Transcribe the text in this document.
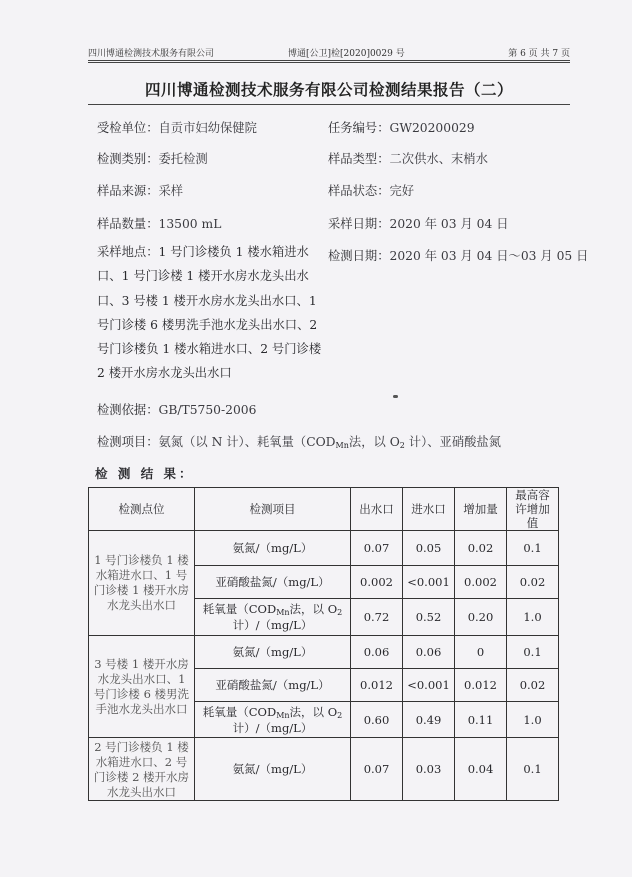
四川博通检测技术服务有限公司	博通[公卫]检[2020]0029 号	第 6 页 共 7 页
四川博通检测技术服务有限公司检测结果报告（二）
受检单位：自贡市妇幼保健院	任务编号：GW20200029
检测类别：委托检测	样品类型：二次供水、末梢水
样品来源：采样	样品状态：完好
样品数量：13500 mL	采样日期：2020 年 03 月 04 日
采样地点：1 号门诊楼负 1 楼水箱进水口、1 号门诊楼 1 楼开水房水龙头出水口、3 号楼 1 楼开水房水龙头出水口、1 号门诊楼 6 楼男洗手池水龙头出水口、2 号门诊楼负 1 楼水箱进水口、2 号门诊楼 2 楼开水房水龙头出水口
检测日期：2020 年 03 月 04 日～03 月 05 日
检测依据：GB/T5750-2006
检测项目：氨氮（以 N 计）、耗氧量（$COD_{Mn}$法，以 $O_2$ 计）、亚硝酸盐氮
检 测 结 果：
检测点位	检测项目	出水口	进水口	增加量	最高容许增加值
1 号门诊楼负 1 楼水箱进水口、1 号门诊楼 1 楼开水房水龙头出水口	氨氮/（mg/L）	0.07	0.05	0.02	0.1
	亚硝酸盐氮/（mg/L）	0.002	<0.001	0.002	0.02
	耗氧量（$COD_{Mn}$法，以 $O_2$ 计）/（mg/L）	0.72	0.52	0.20	1.0
3 号楼 1 楼开水房水龙头出水口、1 号门诊楼 6 楼男洗手池水龙头出水口	氨氮/（mg/L）	0.06	0.06	0	0.1
	亚硝酸盐氮/（mg/L）	0.012	<0.001	0.012	0.02
	耗氧量（$COD_{Mn}$法，以 $O_2$ 计）/（mg/L）	0.60	0.49	0.11	1.0
2 号门诊楼负 1 楼水箱进水口、2 号门诊楼 2 楼开水房水龙头出水口	氨氮/（mg/L）	0.07	0.03	0.04	0.1
